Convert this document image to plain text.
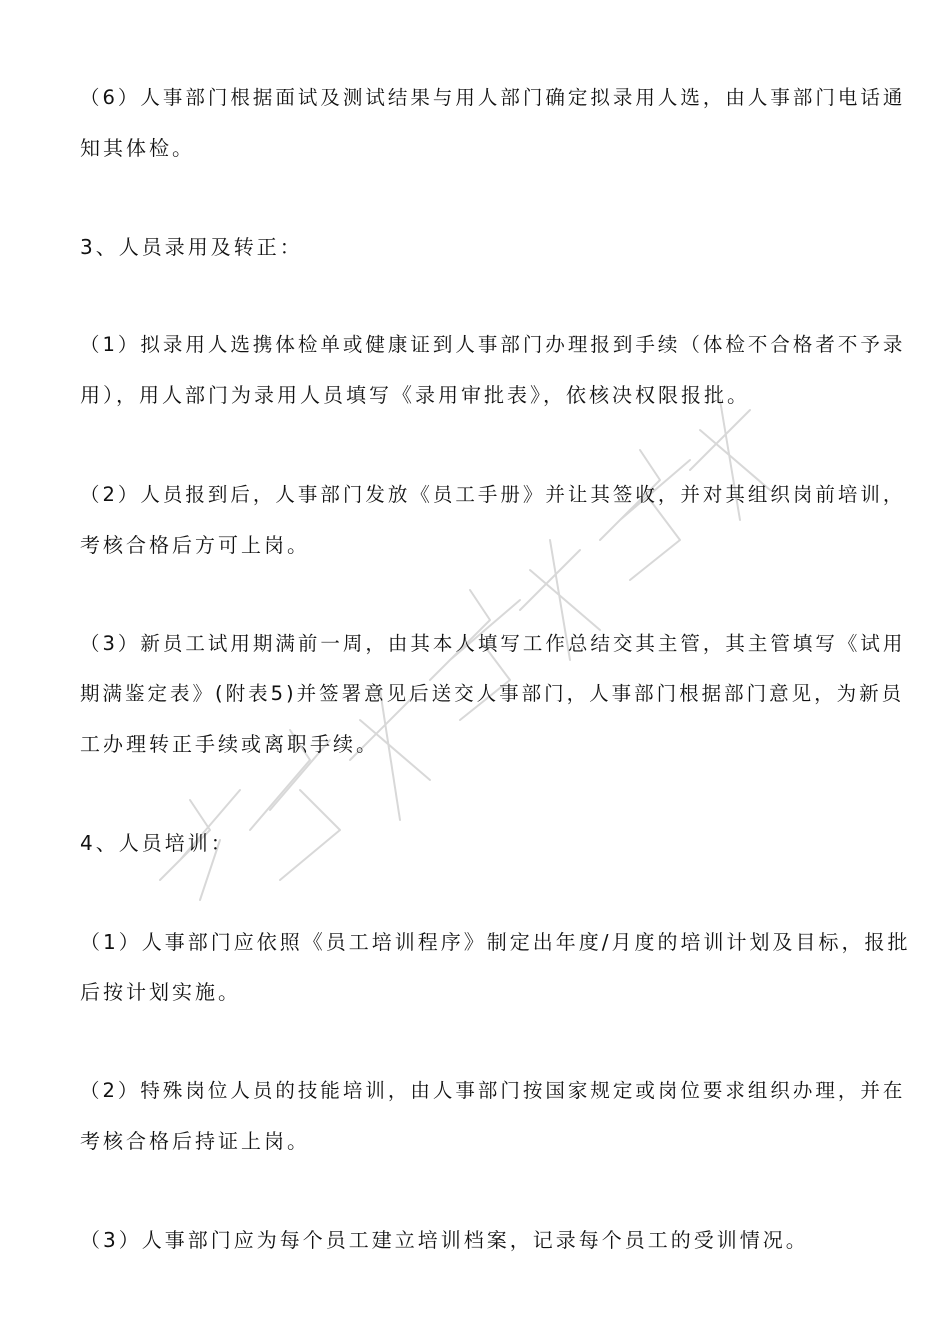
（6）人事部门根据面试及测试结果与用人部门确定拟录用人选，由人事部门电话通
知其体检。
3、人员录用及转正：
（1）拟录用人选携体检单或健康证到人事部门办理报到手续（体检不合格者不予录
用），用人部门为录用人员填写《录用审批表》，依核决权限报批。
（2）人员报到后，人事部门发放《员工手册》并让其签收，并对其组织岗前培训，
考核合格后方可上岗。
（3）新员工试用期满前一周，由其本人填写工作总结交其主管，其主管填写《试用
期满鉴定表》(附表5)并签署意见后送交人事部门，人事部门根据部门意见，为新员
工办理转正手续或离职手续。
4、人员培训：
（1）人事部门应依照《员工培训程序》制定出年度/月度的培训计划及目标，报批
后按计划实施。
（2）特殊岗位人员的技能培训，由人事部门按国家规定或岗位要求组织办理，并在
考核合格后持证上岗。
（3）人事部门应为每个员工建立培训档案，记录每个员工的受训情况。
